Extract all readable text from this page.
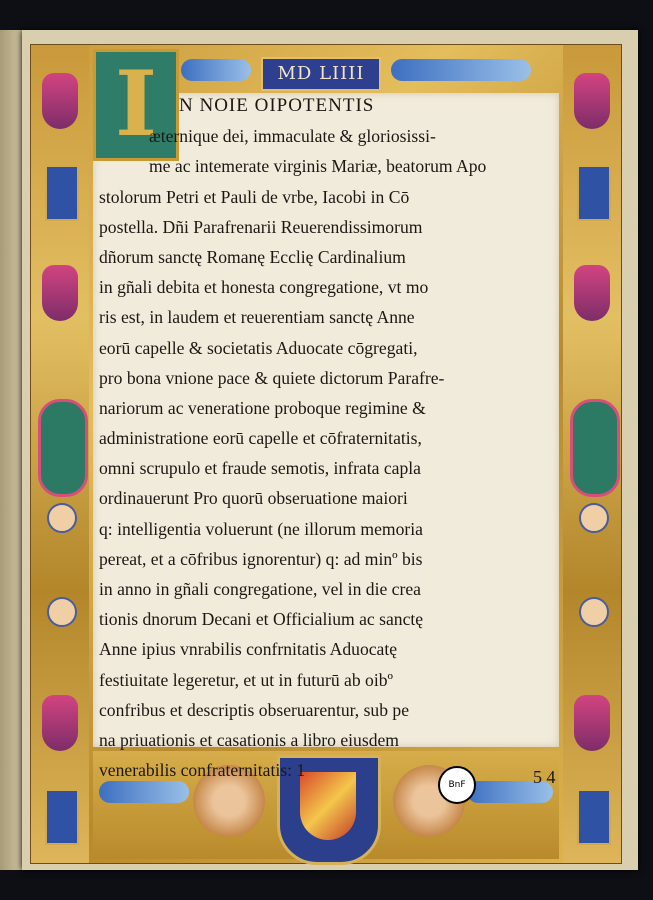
MD LIIII
I	N NOIE OIPOTENTIS
æternique dei, immaculate & gloriosissi-
me ac intemerate virginis Mariæ, beatorum Apo
stolorum Petri et Pauli de vrbe, Iacobi in Cō
postella. Dñi Parafrenarii Reuerendissimorum
dñorum sanctę Romanę Ecclię Cardinalium
in gñali debita et honesta congregatione, vt mo
ris est, in laudem et reuerentiam sanctę Anne
eorū capelle & societatis Aduocate cōgregati,
pro bona vnione pace & quiete dictorum Parafre-
nariorum ac veneratione proboque regimine &
administratione eorū capelle et cōfraternitatis,
omni scrupulo et fraude semotis, infrata capla
ordinauerunt Pro quorū obseruatione maiori
q: intelligentia voluerunt (ne illorum memoria
pereat, et a cōfribus ignorentur) q: ad minº bis
in anno in gñali congregatione, vel in die crea
tionis dnorum Decani et Officialium ac sanctę
Anne ipius vnrabilis confrnitatis Aduocatę
festiuitate legeretur, et ut in futurū ab oibº
confribus et descriptis obseruarentur, sub pe
na priuationis et casationis a libro eiusdem
venerabilis confraternitatis: 1
BnF	5 4
